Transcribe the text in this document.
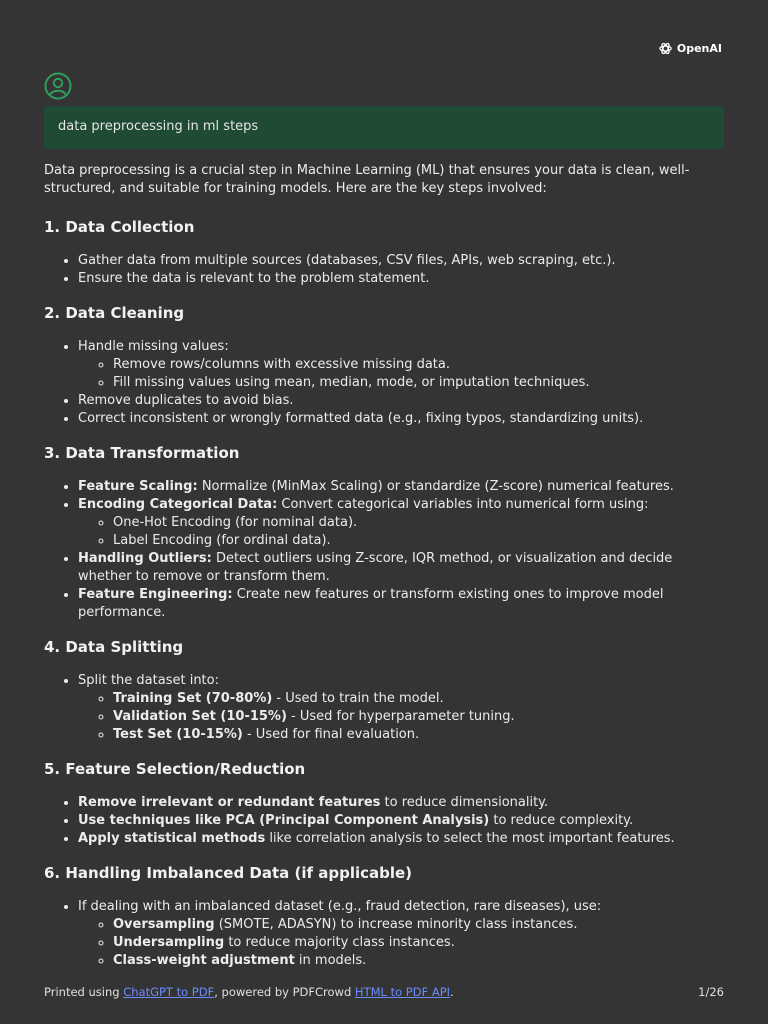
OpenAI
data preprocessing in ml steps

Data preprocessing is a crucial step in Machine Learning (ML) that ensures your data is clean, well-structured, and suitable for training models. Here are the key steps involved:

1. Data Collection
• Gather data from multiple sources (databases, CSV files, APIs, web scraping, etc.).
• Ensure the data is relevant to the problem statement.
2. Data Cleaning
• Handle missing values:
◦ Remove rows/columns with excessive missing data.
◦ Fill missing values using mean, median, mode, or imputation techniques.
• Remove duplicates to avoid bias.
• Correct inconsistent or wrongly formatted data (e.g., fixing typos, standardizing units).
3. Data Transformation
• Feature Scaling: Normalize (MinMax Scaling) or standardize (Z-score) numerical features.
• Encoding Categorical Data: Convert categorical variables into numerical form using:
◦ One-Hot Encoding (for nominal data).
◦ Label Encoding (for ordinal data).
• Handling Outliers: Detect outliers using Z-score, IQR method, or visualization and decide whether to remove or transform them.
• Feature Engineering: Create new features or transform existing ones to improve model performance.
4. Data Splitting
• Split the dataset into:
◦ Training Set (70-80%) - Used to train the model.
◦ Validation Set (10-15%) - Used for hyperparameter tuning.
◦ Test Set (10-15%) - Used for final evaluation.
5. Feature Selection/Reduction
• Remove irrelevant or redundant features to reduce dimensionality.
• Use techniques like PCA (Principal Component Analysis) to reduce complexity.
• Apply statistical methods like correlation analysis to select the most important features.
6. Handling Imbalanced Data (if applicable)
• If dealing with an imbalanced dataset (e.g., fraud detection, rare diseases), use:
◦ Oversampling (SMOTE, ADASYN) to increase minority class instances.
◦ Undersampling to reduce majority class instances.
◦ Class-weight adjustment in models.
Printed using ChatGPT to PDF, powered by PDFCrowd HTML to PDF API.	1/26
